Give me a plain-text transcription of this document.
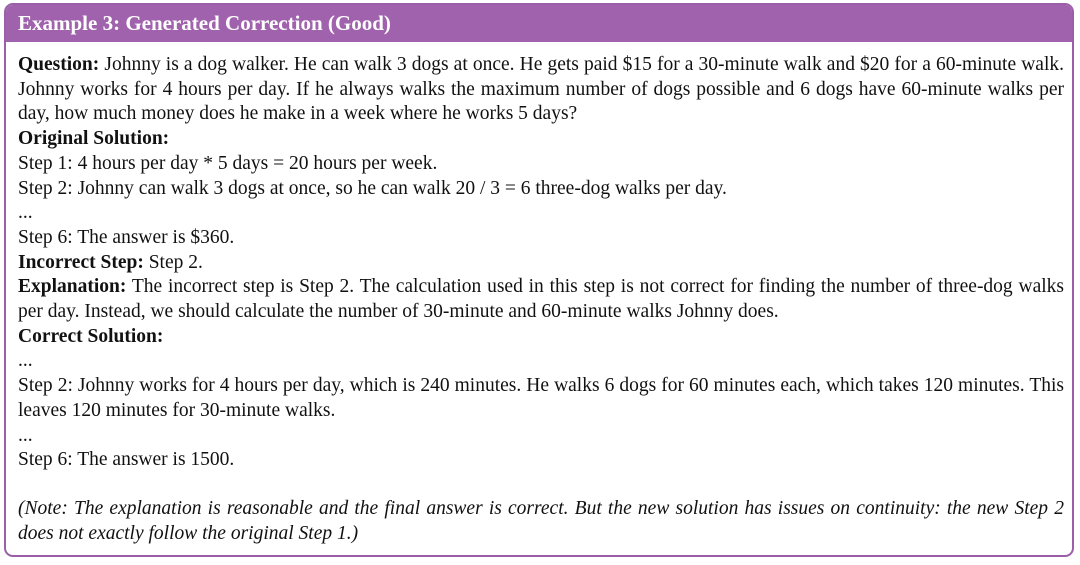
Example 3: Generated Correction (Good)

Question: Johnny is a dog walker. He can walk 3 dogs at once. He gets paid $15 for a 30-minute walk and $20 for a 60-minute walk. Johnny works for 4 hours per day. If he always walks the maximum number of dogs possible and 6 dogs have 60-minute walks per day, how much money does he make in a week where he works 5 days?

Original Solution:

Step 1: 4 hours per day * 5 days = 20 hours per week.

Step 2: Johnny can walk 3 dogs at once, so he can walk 20 / 3 = 6 three-dog walks per day.

...

Step 6: The answer is $360.

Incorrect Step: Step 2.

Explanation: The incorrect step is Step 2. The calculation used in this step is not correct for finding the number of three-dog walks per day. Instead, we should calculate the number of 30-minute and 60-minute walks Johnny does.

Correct Solution:

...

Step 2: Johnny works for 4 hours per day, which is 240 minutes. He walks 6 dogs for 60 minutes each, which takes 120 minutes. This leaves 120 minutes for 30-minute walks.

...

Step 6: The answer is 1500.

(Note: The explanation is reasonable and the final answer is correct. But the new solution has issues on continuity: the new Step 2 does not exactly follow the original Step 1.)
